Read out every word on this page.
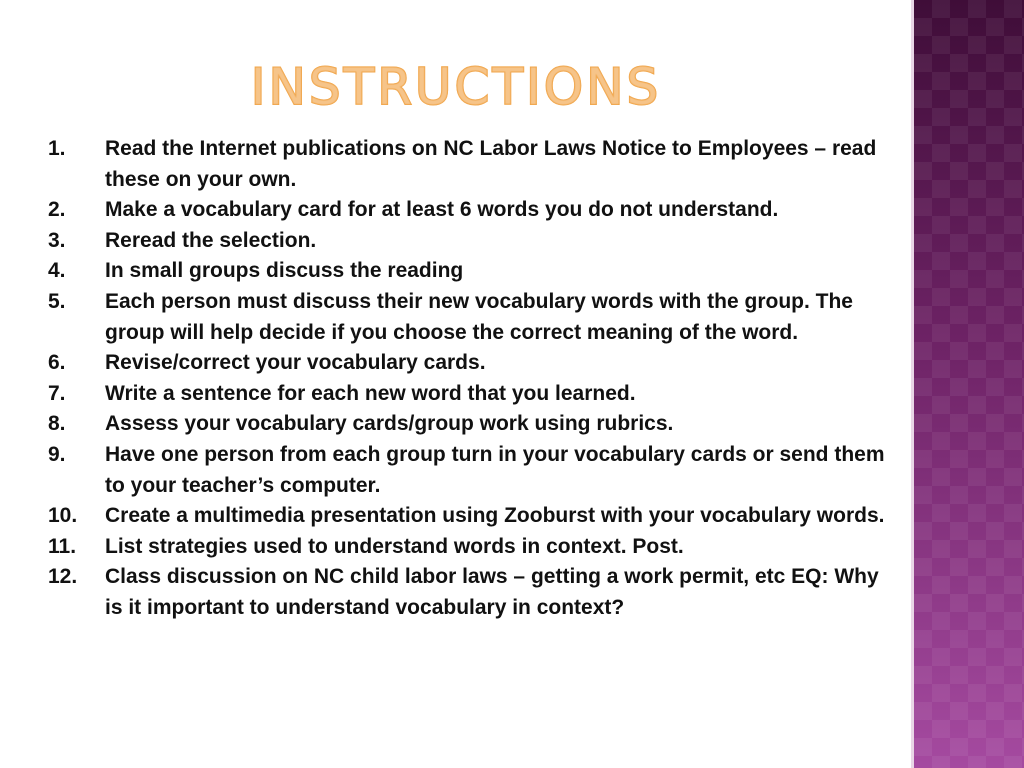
INSTRUCTIONS
1.	Read the Internet publications on NC Labor Laws Notice to Employees – read these on your own.
2.	Make a vocabulary card for at least 6 words you do not understand.
3.	Reread the selection.
4.	In small groups discuss the reading
5.	Each person must discuss their new vocabulary words with the group. The group will help decide if you choose the correct meaning of the word.
6.	Revise/correct your vocabulary cards.
7.	Write a sentence for each new word that you learned.
8.	Assess your vocabulary cards/group work using rubrics.
9.	Have one person from each group turn in your vocabulary cards or send them to your teacher’s computer.
10.	Create a multimedia presentation using Zooburst with your vocabulary words.
11.	List strategies used to understand words in context. Post.
12.	Class discussion on NC child labor laws – getting a work permit, etc EQ: Why is it important to understand vocabulary in context?
